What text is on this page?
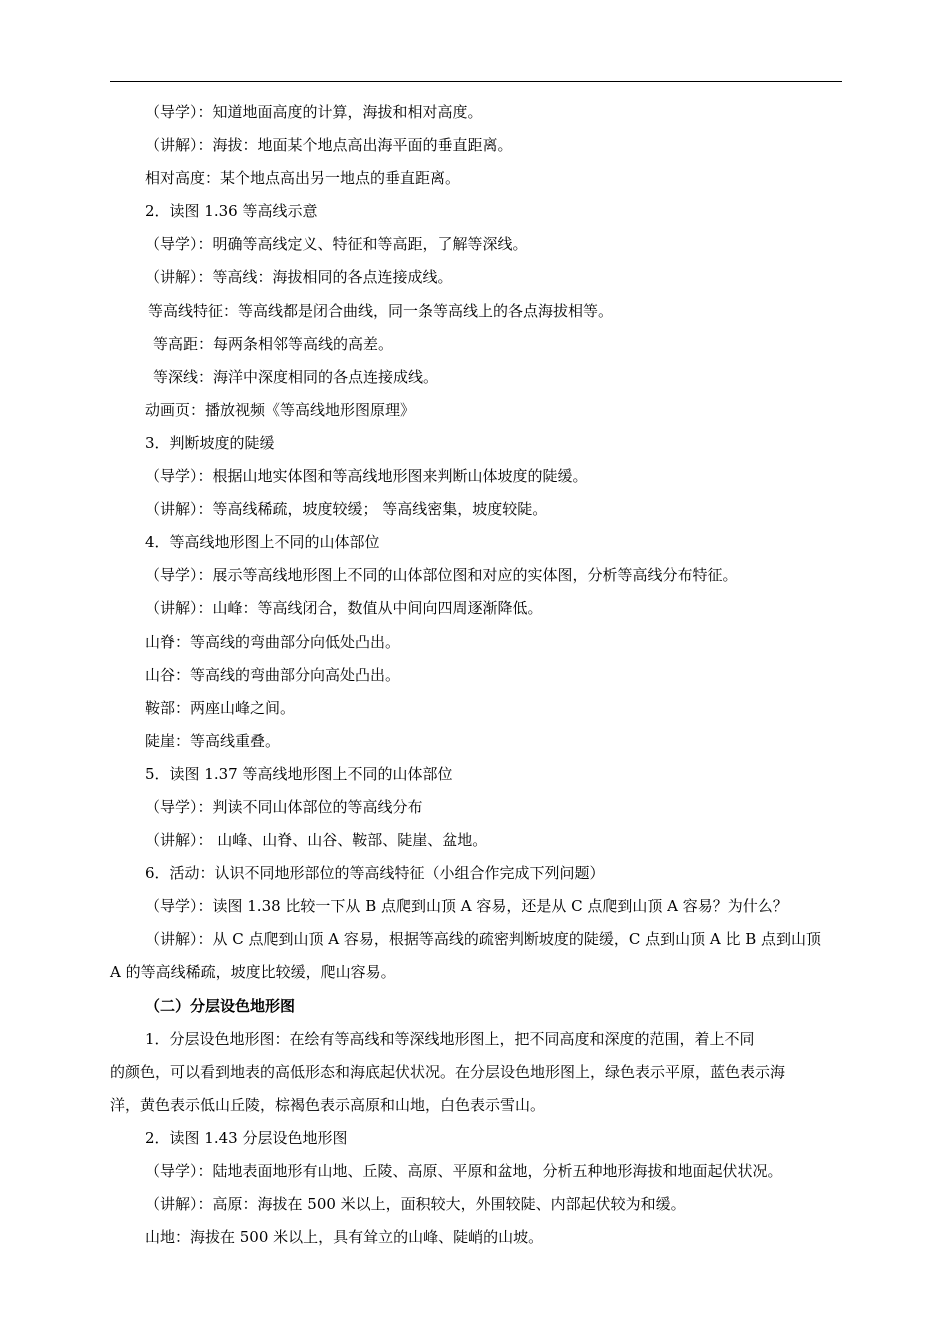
（导学）：知道地面高度的计算，海拔和相对高度。
（讲解）：海拔：地面某个地点高出海平面的垂直距离。
相对高度：某个地点高出另一地点的垂直距离。
2．读图 1.36 等高线示意
（导学）：明确等高线定义、特征和等高距，了解等深线。
（讲解）：等高线：海拔相同的各点连接成线。
等高线特征：等高线都是闭合曲线，同一条等高线上的各点海拔相等。
等高距：每两条相邻等高线的高差。
等深线：海洋中深度相同的各点连接成线。
动画页：播放视频《等高线地形图原理》
3．判断坡度的陡缓
（导学）：根据山地实体图和等高线地形图来判断山体坡度的陡缓。
（讲解）：等高线稀疏，坡度较缓； 等高线密集，坡度较陡。
4．等高线地形图上不同的山体部位
（导学）：展示等高线地形图上不同的山体部位图和对应的实体图，分析等高线分布特征。
（讲解）：山峰：等高线闭合，数值从中间向四周逐渐降低。
山脊：等高线的弯曲部分向低处凸出。
山谷：等高线的弯曲部分向高处凸出。
鞍部：两座山峰之间。
陡崖：等高线重叠。
5．读图 1.37 等高线地形图上不同的山体部位
（导学）：判读不同山体部位的等高线分布
（讲解）： 山峰、山脊、山谷、鞍部、陡崖、盆地。
6．活动：认识不同地形部位的等高线特征（小组合作完成下列问题）
（导学）：读图 1.38 比较一下从 B 点爬到山顶 A 容易，还是从 C 点爬到山顶 A 容易？为什么？
（讲解）：从 C 点爬到山顶 A 容易，根据等高线的疏密判断坡度的陡缓，C 点到山顶 A 比 B 点到山顶
A 的等高线稀疏，坡度比较缓，爬山容易。
（二）分层设色地形图
1．分层设色地形图：在绘有等高线和等深线地形图上，把不同高度和深度的范围，着上不同
的颜色，可以看到地表的高低形态和海底起伏状况。在分层设色地形图上，绿色表示平原，蓝色表示海
洋，黄色表示低山丘陵，棕褐色表示高原和山地，白色表示雪山。
2．读图 1.43 分层设色地形图
（导学）：陆地表面地形有山地、丘陵、高原、平原和盆地，分析五种地形海拔和地面起伏状况。
（讲解）：高原：海拔在 500 米以上，面积较大，外围较陡、内部起伏较为和缓。
山地：海拔在 500 米以上，具有耸立的山峰、陡峭的山坡。
